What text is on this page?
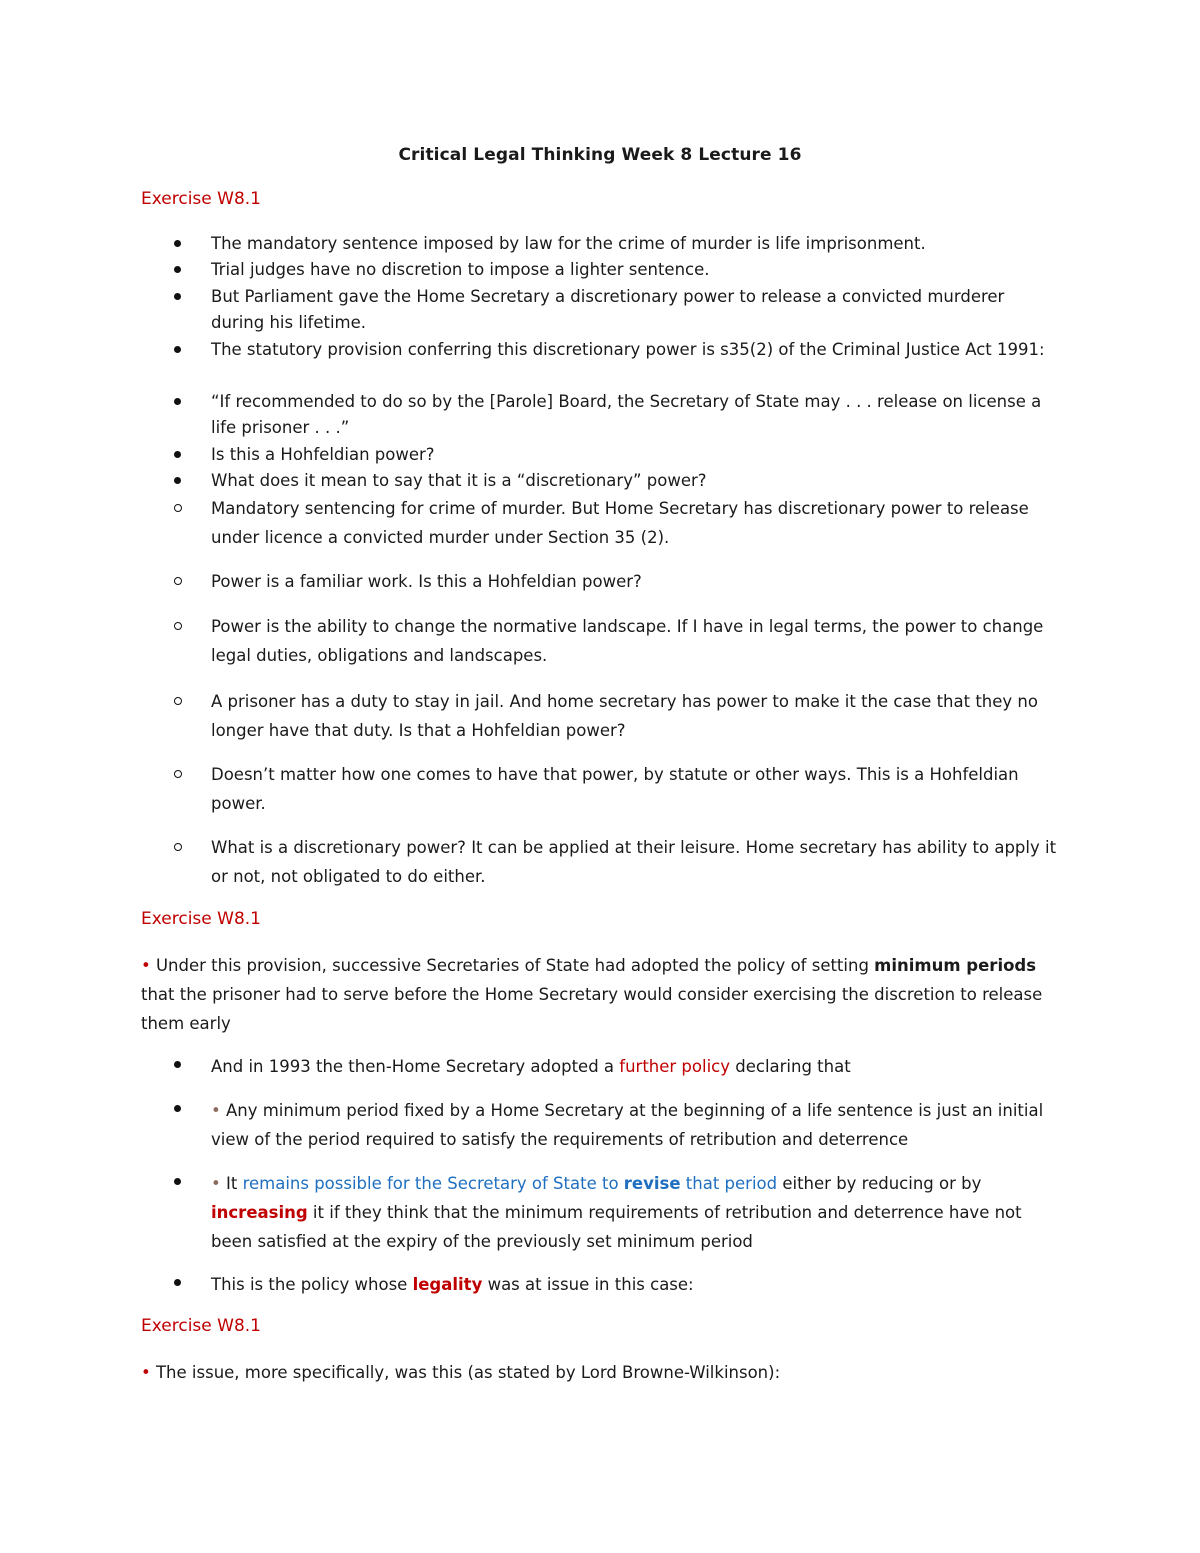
Critical Legal Thinking Week 8 Lecture 16
Exercise W8.1
The mandatory sentence imposed by law for the crime of murder is life imprisonment.
Trial judges have no discretion to impose a lighter sentence.
But Parliament gave the Home Secretary a discretionary power to release a convicted murderer during his lifetime.
The statutory provision conferring this discretionary power is s35(2) of the Criminal Justice Act 1991:
“If recommended to do so by the [Parole] Board, the Secretary of State may . . . release on license a life prisoner . . .”
Is this a Hohfeldian power?
What does it mean to say that it is a “discretionary” power?
Mandatory sentencing for crime of murder. But Home Secretary has discretionary power to release under licence a convicted murder under Section 35 (2).
Power is a familiar work. Is this a Hohfeldian power?
Power is the ability to change the normative landscape. If I have in legal terms, the power to change legal duties, obligations and landscapes.
A prisoner has a duty to stay in jail. And home secretary has power to make it the case that they no longer have that duty. Is that a Hohfeldian power?
Doesn’t matter how one comes to have that power, by statute or other ways. This is a Hohfeldian power.
What is a discretionary power? It can be applied at their leisure. Home secretary has ability to apply it or not, not obligated to do either.
Exercise W8.1
• Under this provision, successive Secretaries of State had adopted the policy of setting minimum periods that the prisoner had to serve before the Home Secretary would consider exercising the discretion to release them early
And in 1993 the then-Home Secretary adopted a further policy declaring that
• Any minimum period fixed by a Home Secretary at the beginning of a life sentence is just an initial view of the period required to satisfy the requirements of retribution and deterrence
• It remains possible for the Secretary of State to revise that period either by reducing or by increasing it if they think that the minimum requirements of retribution and deterrence have not been satisfied at the expiry of the previously set minimum period
This is the policy whose legality was at issue in this case:
Exercise W8.1
• The issue, more specifically, was this (as stated by Lord Browne-Wilkinson):
